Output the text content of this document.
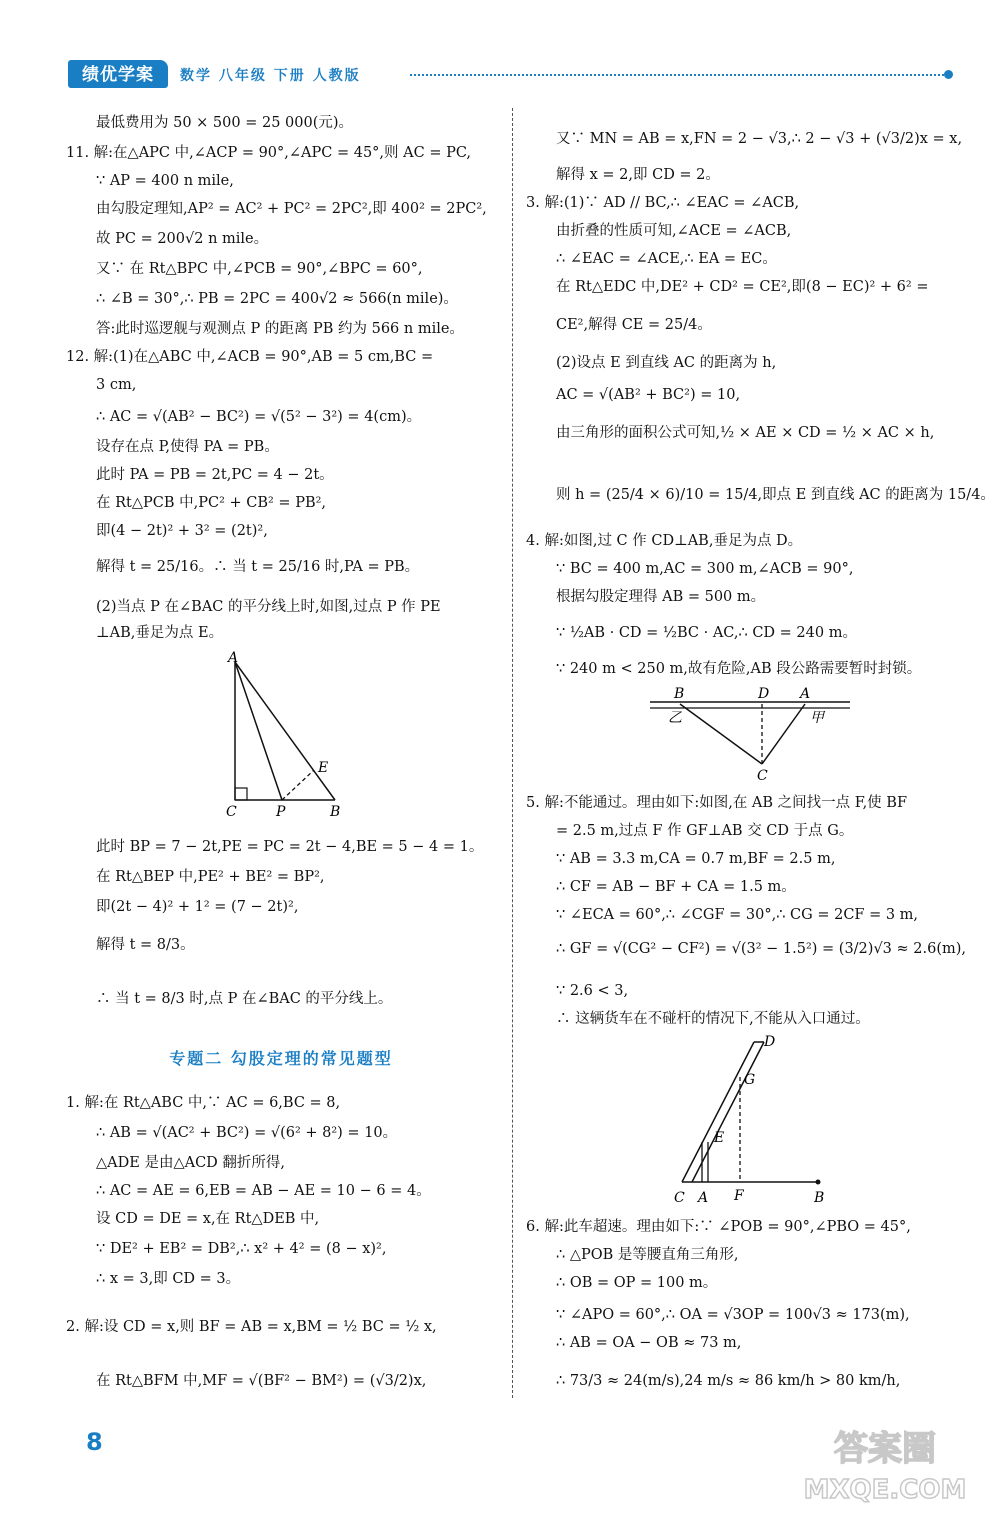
绩优学案	数学 八年级 下册 人教版
最低费用为 50 × 500 = 25 000(元)。
11. 解:在△APC 中,∠ACP = 90°,∠APC = 45°,则 AC = PC,
∵ AP = 400 n mile,
由勾股定理知,AP² = AC² + PC² = 2PC²,即 400² = 2PC²,
故 PC = 200√2 n mile。
又∵ 在 Rt△BPC 中,∠PCB = 90°,∠BPC = 60°,
∴ ∠B = 30°,∴ PB = 2PC = 400√2 ≈ 566(n mile)。
答:此时巡逻舰与观测点 P 的距离 PB 约为 566 n mile。
12. 解:(1)在△ABC 中,∠ACB = 90°,AB = 5 cm,BC =
3 cm,
∴ AC = √(AB² − BC²) = √(5² − 3²) = 4(cm)。
设存在点 P,使得 PA = PB。
此时 PA = PB = 2t,PC = 4 − 2t。
在 Rt△PCB 中,PC² + CB² = PB²,
即(4 − 2t)² + 3² = (2t)²,
解得 t = 25/16。∴ 当 t = 25/16 时,PA = PB。
(2)当点 P 在∠BAC 的平分线上时,如图,过点 P 作 PE
⊥AB,垂足为点 E。
此时 BP = 7 − 2t,PE = PC = 2t − 4,BE = 5 − 4 = 1。
在 Rt△BEP 中,PE² + BE² = BP²,
即(2t − 4)² + 1² = (7 − 2t)²,
解得 t = 8/3。
∴ 当 t = 8/3 时,点 P 在∠BAC 的平分线上。
1. 解:在 Rt△ABC 中,∵ AC = 6,BC = 8,
∴ AB = √(AC² + BC²) = √(6² + 8²) = 10。
△ADE 是由△ACD 翻折所得,
∴ AC = AE = 6,EB = AB − AE = 10 − 6 = 4。
设 CD = DE = x,在 Rt△DEB 中,
∵ DE² + EB² = DB²,∴ x² + 4² = (8 − x)²,
∴ x = 3,即 CD = 3。
2. 解:设 CD = x,则 BF = AB = x,BM = ½ BC = ½ x,
在 Rt△BFM 中,MF = √(BF² − BM²) = (√3/2)x,
A
C	P
E
B
专题二 勾股定理的常见题型
又∵ MN = AB = x,FN = 2 − √3,∴ 2 − √3 + (√3/2)x = x,
解得 x = 2,即 CD = 2。
3. 解:(1)∵ AD // BC,∴ ∠EAC = ∠ACB,
由折叠的性质可知,∠ACE = ∠ACB,
∴ ∠EAC = ∠ACE,∴ EA = EC。
在 Rt△EDC 中,DE² + CD² = CE²,即(8 − EC)² + 6² =
CE²,解得 CE = 25/4。
(2)设点 E 到直线 AC 的距离为 h,
AC = √(AB² + BC²) = 10,
由三角形的面积公式可知,½ × AE × CD = ½ × AC × h,
则 h = (25/4 × 6)/10 = 15/4,即点 E 到直线 AC 的距离为 15/4。
4. 解:如图,过 C 作 CD⊥AB,垂足为点 D。
∵ BC = 400 m,AC = 300 m,∠ACB = 90°,
根据勾股定理得 AB = 500 m。
∵ ½AB · CD = ½BC · AC,∴ CD = 240 m。
∵ 240 m < 250 m,故有危险,AB 段公路需要暂时封锁。
5. 解:不能通过。理由如下:如图,在 AB 之间找一点 F,使 BF
= 2.5 m,过点 F 作 GF⊥AB 交 CD 于点 G。
∵ AB = 3.3 m,CA = 0.7 m,BF = 2.5 m,
∴ CF = AB − BF + CA = 1.5 m。
∵ ∠ECA = 60°,∴ ∠CGF = 30°,∴ CG = 2CF = 3 m,
∴ GF = √(CG² − CF²) = √(3² − 1.5²) = (3/2)√3 ≈ 2.6(m),
∵ 2.6 < 3,
∴ 这辆货车在不碰杆的情况下,不能从入口通过。
6. 解:此车超速。理由如下:∵ ∠POB = 90°,∠PBO = 45°,
∴ △POB 是等腰直角三角形,
∴ OB = OP = 100 m。
∵ ∠APO = 60°,∴ OA = √3OP = 100√3 ≈ 173(m),
∴ AB = OA − OB ≈ 73 m,
∴ 73/3 ≈ 24(m/s),24 m/s ≈ 86 km/h > 80 km/h,
B	D A
乙	甲
C
D
G
E
C A F	B
8	答案圈
MXQE.COM
